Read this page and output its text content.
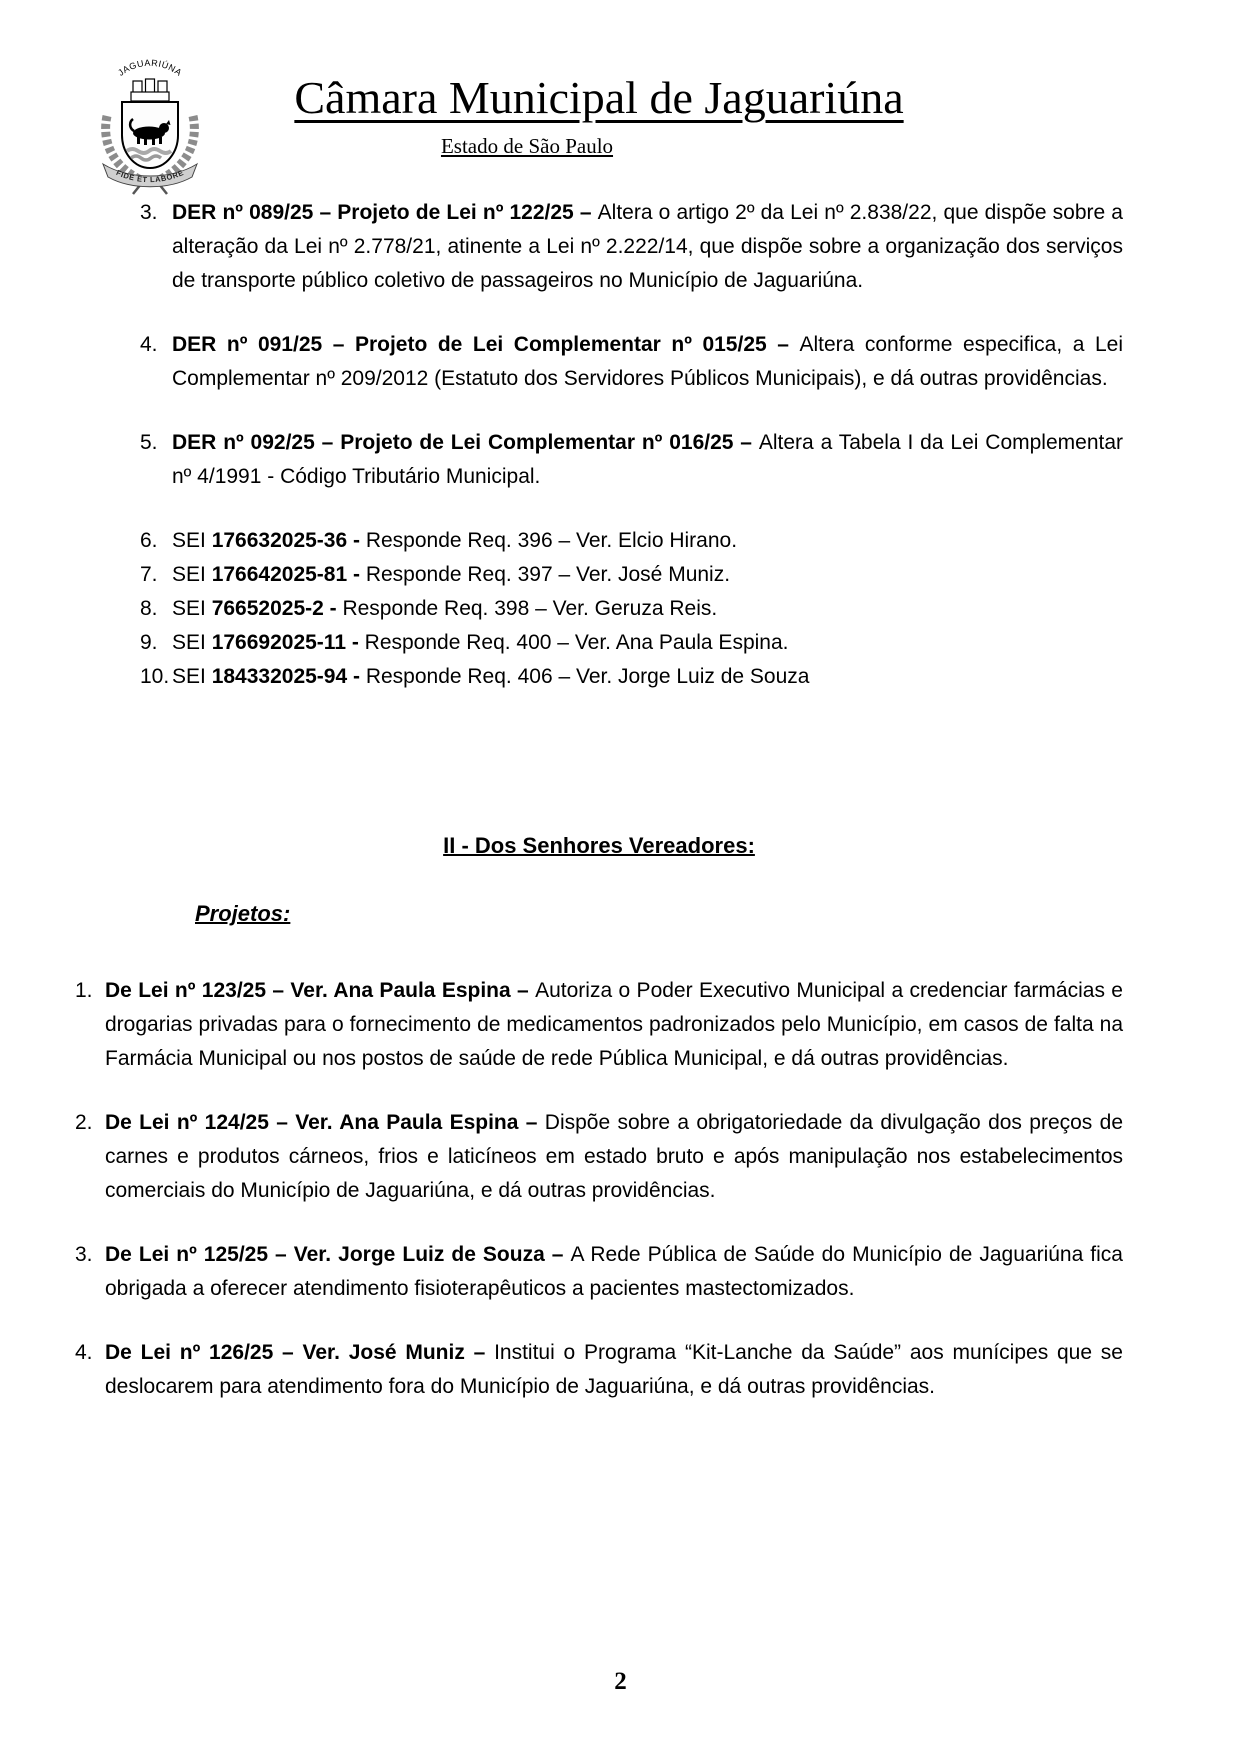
JAGUARIÚNA
FIDE ET LABORE
Câmara Municipal de Jaguariúna
Estado de São Paulo
3. DER nº 089/25 – Projeto de Lei nº 122/25 – Altera o artigo 2º da Lei nº 2.838/22, que dispõe sobre a alteração da Lei nº 2.778/21, atinente a Lei nº 2.222/14, que dispõe sobre a organização dos serviços de transporte público coletivo de passageiros no Município de Jaguariúna.
4. DER nº 091/25 – Projeto de Lei Complementar nº 015/25 – Altera conforme especifica, a Lei Complementar nº 209/2012 (Estatuto dos Servidores Públicos Municipais), e dá outras providências.
5. DER nº 092/25 – Projeto de Lei Complementar nº 016/25 – Altera a Tabela I da Lei Complementar nº 4/1991 - Código Tributário Municipal.
6. SEI 176632025-36 - Responde Req. 396 – Ver. Elcio Hirano.
7. SEI 176642025-81 - Responde Req. 397 – Ver. José Muniz.
8. SEI 76652025-2 - Responde Req. 398 – Ver. Geruza Reis.
9. SEI 176692025-11 - Responde Req. 400 – Ver. Ana Paula Espina.
10. SEI 184332025-94 - Responde Req. 406 – Ver. Jorge Luiz de Souza
II - Dos Senhores Vereadores:
Projetos:
1. De Lei nº 123/25 – Ver. Ana Paula Espina – Autoriza o Poder Executivo Municipal a credenciar farmácias e drogarias privadas para o fornecimento de medicamentos padronizados pelo Município, em casos de falta na Farmácia Municipal ou nos postos de saúde de rede Pública Municipal, e dá outras providências.
2. De Lei nº 124/25 – Ver. Ana Paula Espina – Dispõe sobre a obrigatoriedade da divulgação dos preços de carnes e produtos cárneos, frios e laticíneos em estado bruto e após manipulação nos estabelecimentos comerciais do Município de Jaguariúna, e dá outras providências.
3. De Lei nº 125/25 – Ver. Jorge Luiz de Souza – A Rede Pública de Saúde do Município de Jaguariúna fica obrigada a oferecer atendimento fisioterapêuticos a pacientes mastectomizados.
4. De Lei nº 126/25 – Ver. José Muniz – Institui o Programa “Kit-Lanche da Saúde” aos munícipes que se deslocarem para atendimento fora do Município de Jaguariúna, e dá outras providências.
2
